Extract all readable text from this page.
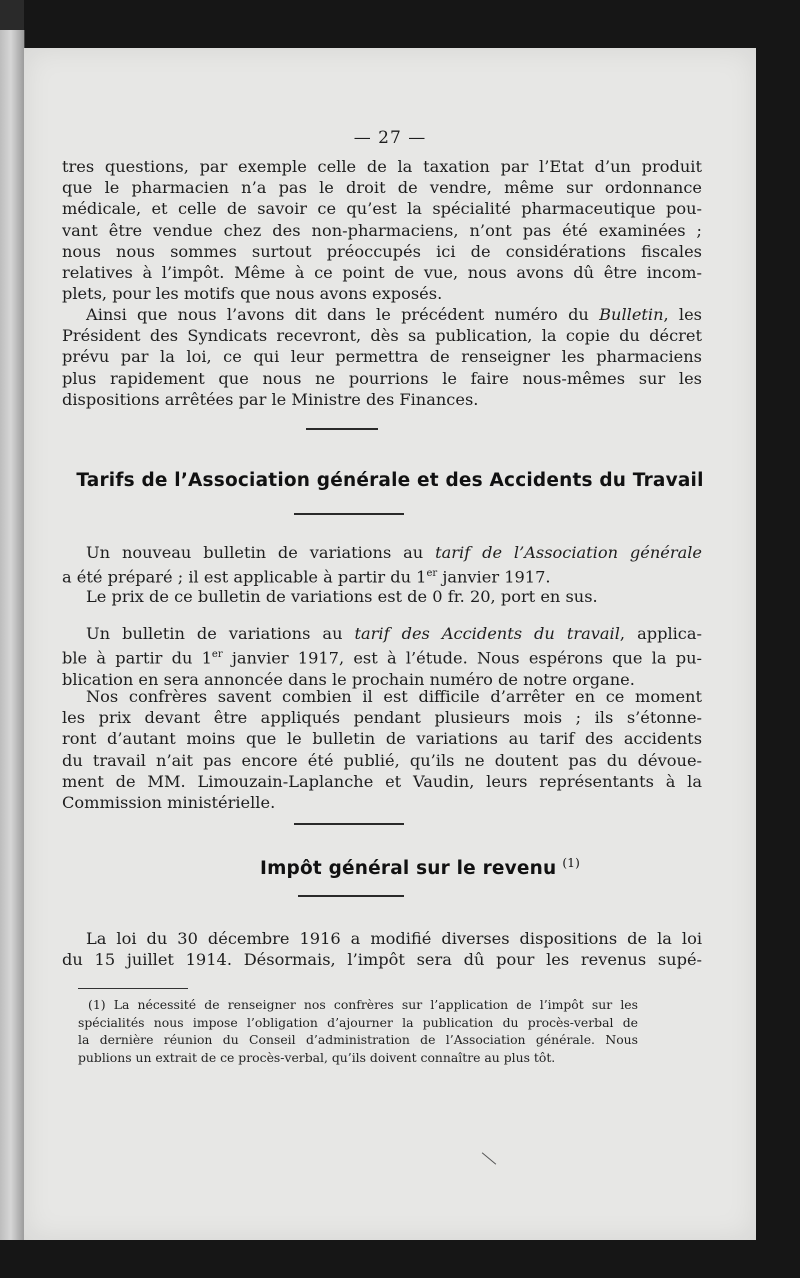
— 27 —
tres questions, par exemple celle de la taxation par l’Etat d’un produit
que le pharmacien n’a pas le droit de vendre, même sur ordonnance
médicale, et celle de savoir ce qu’est la spécialité pharmaceutique pou-
vant être vendue chez des non-pharmaciens, n’ont pas été examinées ;
nous nous sommes surtout préoccupés ici de considérations fiscales
relatives à l’impôt. Même à ce point de vue, nous avons dû être incom-
plets, pour les motifs que nous avons exposés.
Ainsi que nous l’avons dit dans le précédent numéro du Bulletin, les
Président des Syndicats recevront, dès sa publication, la copie du décret
prévu par la loi, ce qui leur permettra de renseigner les pharmaciens
plus rapidement que nous ne pourrions le faire nous-mêmes sur les
dispositions arrêtées par le Ministre des Finances.
Tarifs de l’Association générale et des Accidents du Travail
Un nouveau bulletin de variations au tarif de l’Association générale
a été préparé ; il est applicable à partir du 1er janvier 1917.
Le prix de ce bulletin de variations est de 0 fr. 20, port en sus.
Un bulletin de variations au tarif des Accidents du travail, applica-
ble à partir du 1er janvier 1917, est à l’étude. Nous espérons que la pu-
blication en sera annoncée dans le prochain numéro de notre organe.
Nos confrères savent combien il est difficile d’arrêter en ce moment
les prix devant être appliqués pendant plusieurs mois ; ils s’étonne-
ront d’autant moins que le bulletin de variations au tarif des accidents
du travail n’ait pas encore été publié, qu’ils ne doutent pas du dévoue-
ment de MM. Limouzain-Laplanche et Vaudin, leurs représentants à la
Commission ministérielle.
Impôt général sur le revenu $^{(1)}$
La loi du 30 décembre 1916 a modifié diverses dispositions de la loi
du 15 juillet 1914. Désormais, l’impôt sera dû pour les revenus supé-
(1) La nécessité de renseigner nos confrères sur l’application de l’impôt sur les
spécialités nous impose l’obligation d’ajourner la publication du procès-verbal de
la dernière réunion du Conseil d’administration de l’Association générale. Nous
publions un extrait de ce procès-verbal, qu’ils doivent connaître au plus tôt.
